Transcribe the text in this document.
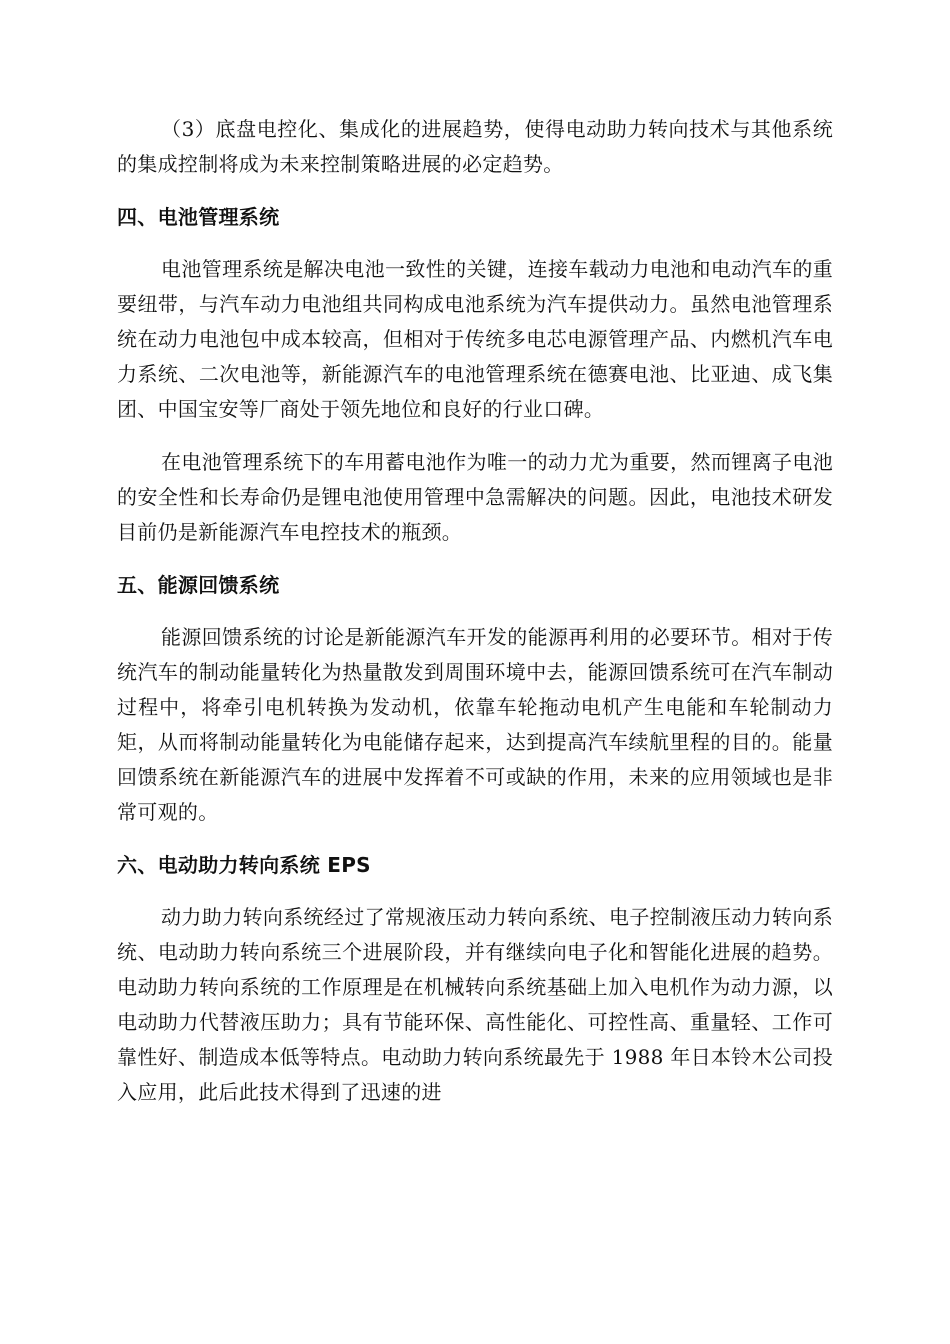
（3）底盘电控化、集成化的进展趋势，使得电动助力转向技术与其他系统的集成控制将成为未来控制策略进展的必定趋势。

四、电池管理系统

电池管理系统是解决电池一致性的关键，连接车载动力电池和电动汽车的重要纽带，与汽车动力电池组共同构成电池系统为汽车提供动力。虽然电池管理系统在动力电池包中成本较高，但相对于传统多电芯电源管理产品、内燃机汽车电力系统、二次电池等，新能源汽车的电池管理系统在德赛电池、比亚迪、成飞集团、中国宝安等厂商处于领先地位和良好的行业口碑。

在电池管理系统下的车用蓄电池作为唯一的动力尤为重要，然而锂离子电池的安全性和长寿命仍是锂电池使用管理中急需解决的问题。因此，电池技术研发目前仍是新能源汽车电控技术的瓶颈。

五、能源回馈系统

能源回馈系统的讨论是新能源汽车开发的能源再利用的必要环节。相对于传统汽车的制动能量转化为热量散发到周围环境中去，能源回馈系统可在汽车制动过程中，将牵引电机转换为发动机，依靠车轮拖动电机产生电能和车轮制动力矩，从而将制动能量转化为电能储存起来，达到提高汽车续航里程的目的。能量回馈系统在新能源汽车的进展中发挥着不可或缺的作用，未来的应用领域也是非常可观的。

六、电动助力转向系统 EPS

动力助力转向系统经过了常规液压动力转向系统、电子控制液压动力转向系统、电动助力转向系统三个进展阶段，并有继续向电子化和智能化进展的趋势。电动助力转向系统的工作原理是在机械转向系统基础上加入电机作为动力源，以电动助力代替液压助力；具有节能环保、高性能化、可控性高、重量轻、工作可靠性好、制造成本低等特点。电动助力转向系统最先于 1988 年日本铃木公司投入应用，此后此技术得到了迅速的进
